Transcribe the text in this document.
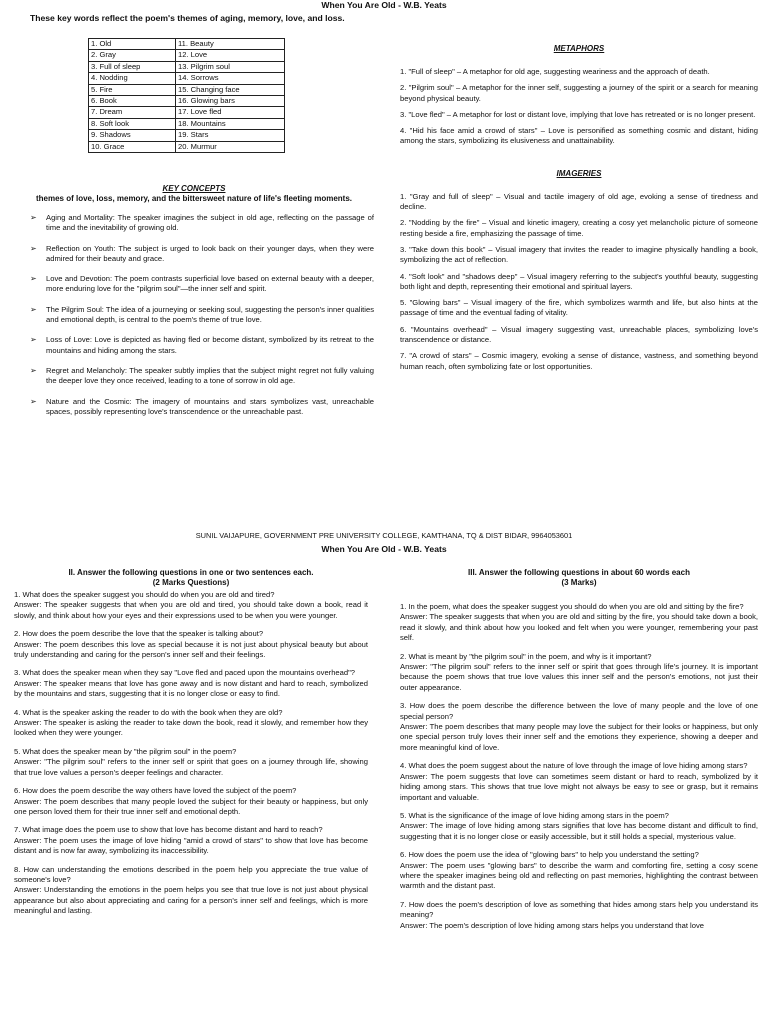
When You Are Old - W.B. Yeats
These key words reflect the poem's themes of aging, memory, love, and loss.
1. Old	11. Beauty
2. Gray	12. Love
3. Full of sleep	13. Pilgrim soul
4. Nodding	14. Sorrows
5. Fire	15. Changing face
6. Book	16. Glowing bars
7. Dream	17. Love fled
8. Soft look	18. Mountains
9. Shadows	19. Stars
10. Grace	20. Murmur
KEY CONCEPTS
themes of love, loss, memory, and the bittersweet nature of life's fleeting moments.
➢ Aging and Mortality: The speaker imagines the subject in old age, reflecting on the passage of time and the inevitability of growing old.
➢ Reflection on Youth: The subject is urged to look back on their younger days, when they were admired for their beauty and grace.
➢ Love and Devotion: The poem contrasts superficial love based on external beauty with a deeper, more enduring love for the "pilgrim soul"—the inner self and spirit.
➢ The Pilgrim Soul: The idea of a journeying or seeking soul, suggesting the person's inner qualities and emotional depth, is central to the poem's theme of true love.
➢ Loss of Love: Love is depicted as having fled or become distant, symbolized by its retreat to the mountains and hiding among the stars.
➢ Regret and Melancholy: The speaker subtly implies that the subject might regret not fully valuing the deeper love they once received, leading to a tone of sorrow in old age.
➢ Nature and the Cosmic: The imagery of mountains and stars symbolizes vast, unreachable spaces, possibly representing love's transcendence or the unreachable past.
METAPHORS
1. "Full of sleep" – A metaphor for old age, suggesting weariness and the approach of death.
2. "Pilgrim soul" – A metaphor for the inner self, suggesting a journey of the spirit or a search for meaning beyond physical beauty.
3. "Love fled" – A metaphor for lost or distant love, implying that love has retreated or is no longer present.
4. "Hid his face amid a crowd of stars" – Love is personified as something cosmic and distant, hiding among the stars, symbolizing its elusiveness and unattainability.
IMAGERIES
1. "Gray and full of sleep" – Visual and tactile imagery of old age, evoking a sense of tiredness and decline.
2. "Nodding by the fire" – Visual and kinetic imagery, creating a cosy yet melancholic picture of someone resting beside a fire, emphasizing the passage of time.
3. "Take down this book" – Visual imagery that invites the reader to imagine physically handling a book, symbolizing the act of reflection.
4. "Soft look" and "shadows deep" – Visual imagery referring to the subject's youthful beauty, suggesting both light and depth, representing their emotional and spiritual layers.
5. "Glowing bars" – Visual imagery of the fire, which symbolizes warmth and life, but also hints at the passage of time and the eventual fading of vitality.
6. "Mountains overhead" – Visual imagery suggesting vast, unreachable places, symbolizing love's transcendence or distance.
7. "A crowd of stars" – Cosmic imagery, evoking a sense of distance, vastness, and something beyond human reach, often symbolizing fate or lost opportunities.
SUNIL VAIJAPURE, GOVERNMENT PRE UNIVERSITY COLLEGE, KAMTHANA, TQ & DIST BIDAR, 9964053601
When You Are Old - W.B. Yeats
II. Answer the following questions in one or two sentences each.
(2 Marks Questions)
1. What does the speaker suggest you should do when you are old and tired?
Answer: The speaker suggests that when you are old and tired, you should take down a book, read it slowly, and think about how your eyes and their expressions used to be when you were younger.
2. How does the poem describe the love that the speaker is talking about?
Answer: The poem describes this love as special because it is not just about physical beauty but about truly understanding and caring for the person's inner self and their feelings.
3. What does the speaker mean when they say "Love fled and paced upon the mountains overhead"?
Answer: The speaker means that love has gone away and is now distant and hard to reach, symbolized by the mountains and stars, suggesting that it is no longer close or easy to find.
4. What is the speaker asking the reader to do with the book when they are old?
Answer: The speaker is asking the reader to take down the book, read it slowly, and remember how they looked when they were younger.
5. What does the speaker mean by "the pilgrim soul" in the poem?
Answer: "The pilgrim soul" refers to the inner self or spirit that goes on a journey through life, showing that true love values a person's deeper feelings and character.
6. How does the poem describe the way others have loved the subject of the poem?
Answer: The poem describes that many people loved the subject for their beauty or happiness, but only one person loved them for their true inner self and emotional depth.
7. What image does the poem use to show that love has become distant and hard to reach?
Answer: The poem uses the image of love hiding "amid a crowd of stars" to show that love has become distant and is now far away, symbolizing its inaccessibility.
8. How can understanding the emotions described in the poem help you appreciate the true value of someone's love?
Answer: Understanding the emotions in the poem helps you see that true love is not just about physical appearance but also about appreciating and caring for a person's inner self and feelings, which is more meaningful and lasting.
III. Answer the following questions in about 60 words each
(3 Marks)
1. In the poem, what does the speaker suggest you should do when you are old and sitting by the fire?
Answer: The speaker suggests that when you are old and sitting by the fire, you should take down a book, read it slowly, and think about how you looked and felt when you were younger, remembering your past self.
2. What is meant by "the pilgrim soul" in the poem, and why is it important?
Answer: "The pilgrim soul" refers to the inner self or spirit that goes through life's journey. It is important because the poem shows that true love values this inner self and the person's emotions, not just their outer appearance.
3. How does the poem describe the difference between the love of many people and the love of one special person?
Answer: The poem describes that many people may love the subject for their looks or happiness, but only one special person truly loves their inner self and the emotions they experience, showing a deeper and more meaningful kind of love.
4. What does the poem suggest about the nature of love through the image of love hiding among stars?
Answer: The poem suggests that love can sometimes seem distant or hard to reach, symbolized by it hiding among stars. This shows that true love might not always be easy to see or grasp, but it remains important and valuable.
5. What is the significance of the image of love hiding among stars in the poem?
Answer: The image of love hiding among stars signifies that love has become distant and difficult to find, suggesting that it is no longer close or easily accessible, but it still holds a special, mysterious value.
6. How does the poem use the idea of "glowing bars" to help you understand the setting?
Answer: The poem uses "glowing bars" to describe the warm and comforting fire, setting a cosy scene where the speaker imagines being old and reflecting on past memories, highlighting the contrast between warmth and the distant past.
7. How does the poem's description of love as something that hides among stars help you understand its meaning?
Answer: The poem's description of love hiding among stars helps you understand that love
